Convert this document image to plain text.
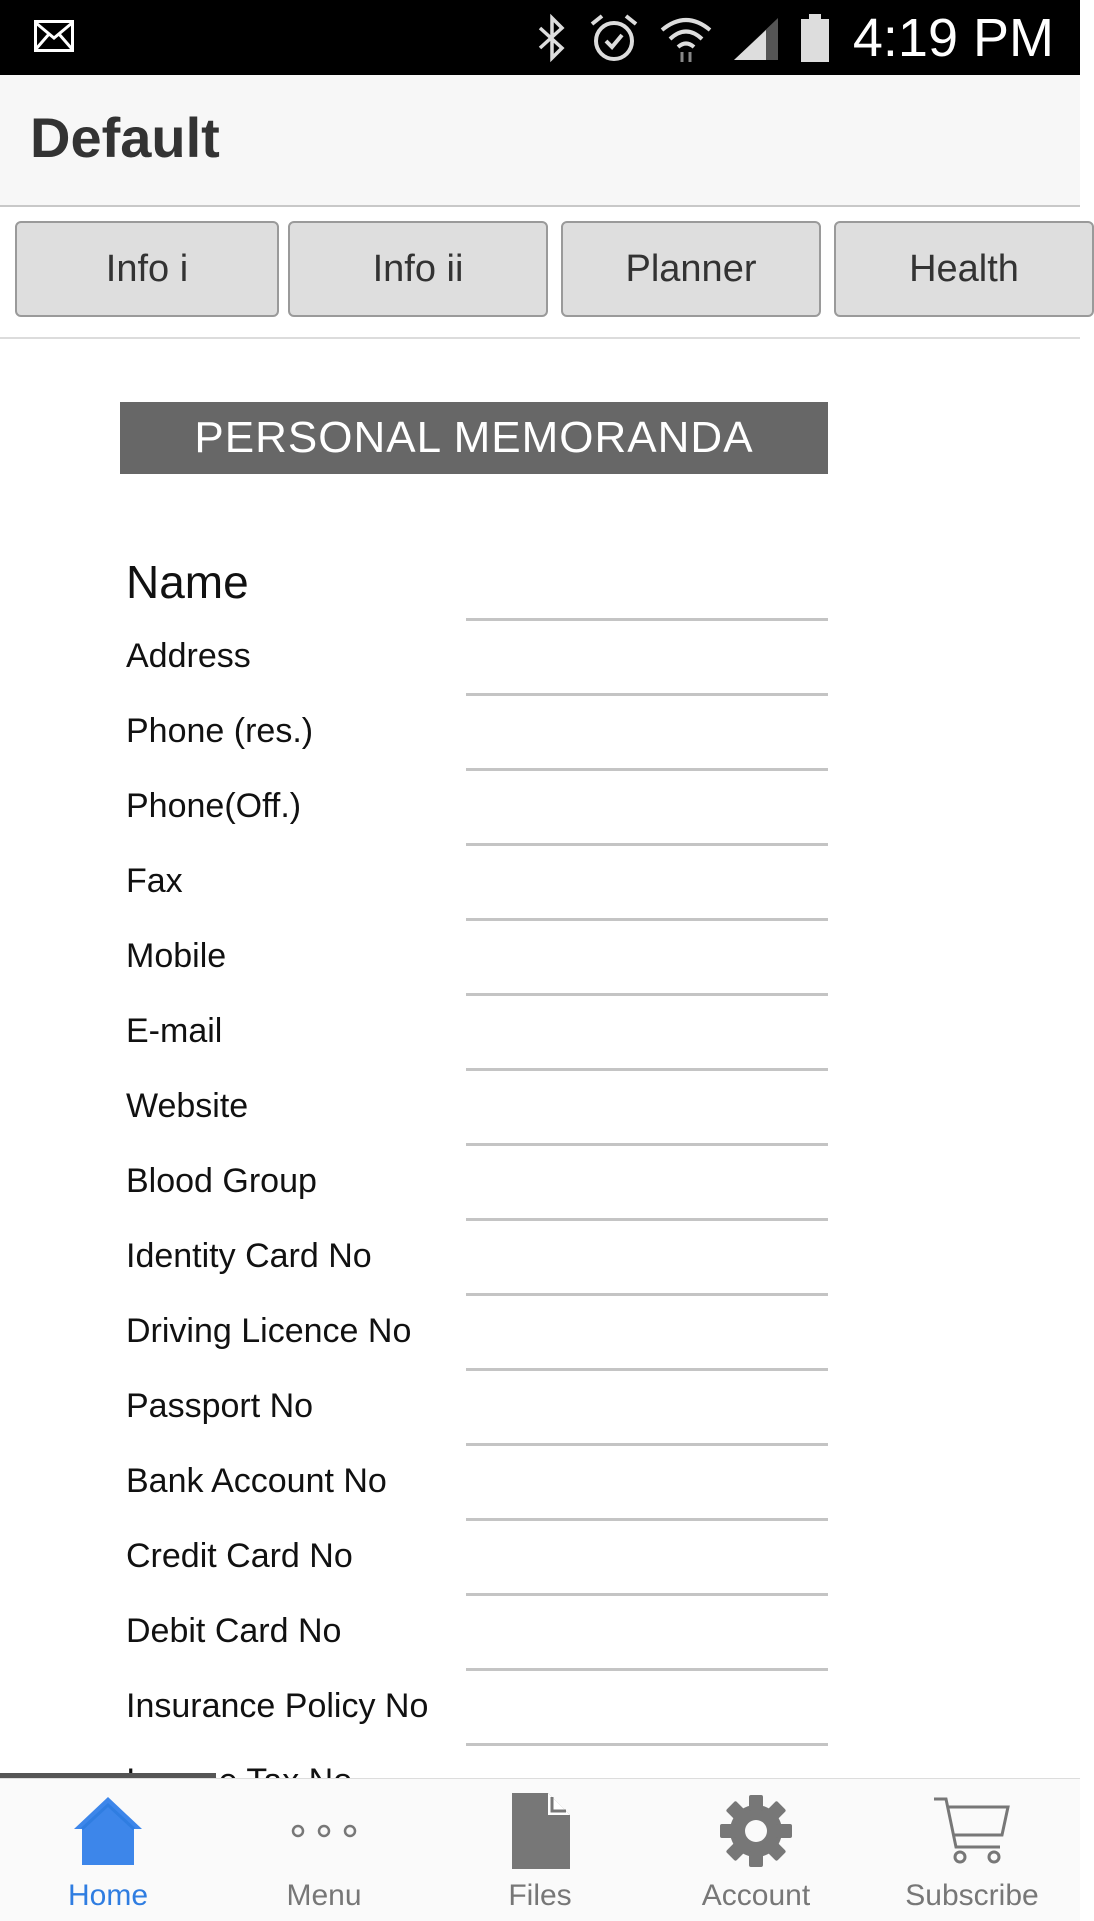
4:19 PM
Default
Info i	Info ii	Planner	Health
PERSONAL MEMORANDA
Name
Address
Phone (res.)
Phone(Off.)
Fax
Mobile
E-mail
Website
Blood Group
Identity Card No
Driving Licence No
Passport No
Bank Account No
Credit Card No
Debit Card No
Insurance Policy No
Home	Menu	Files	Account	Subscribe
